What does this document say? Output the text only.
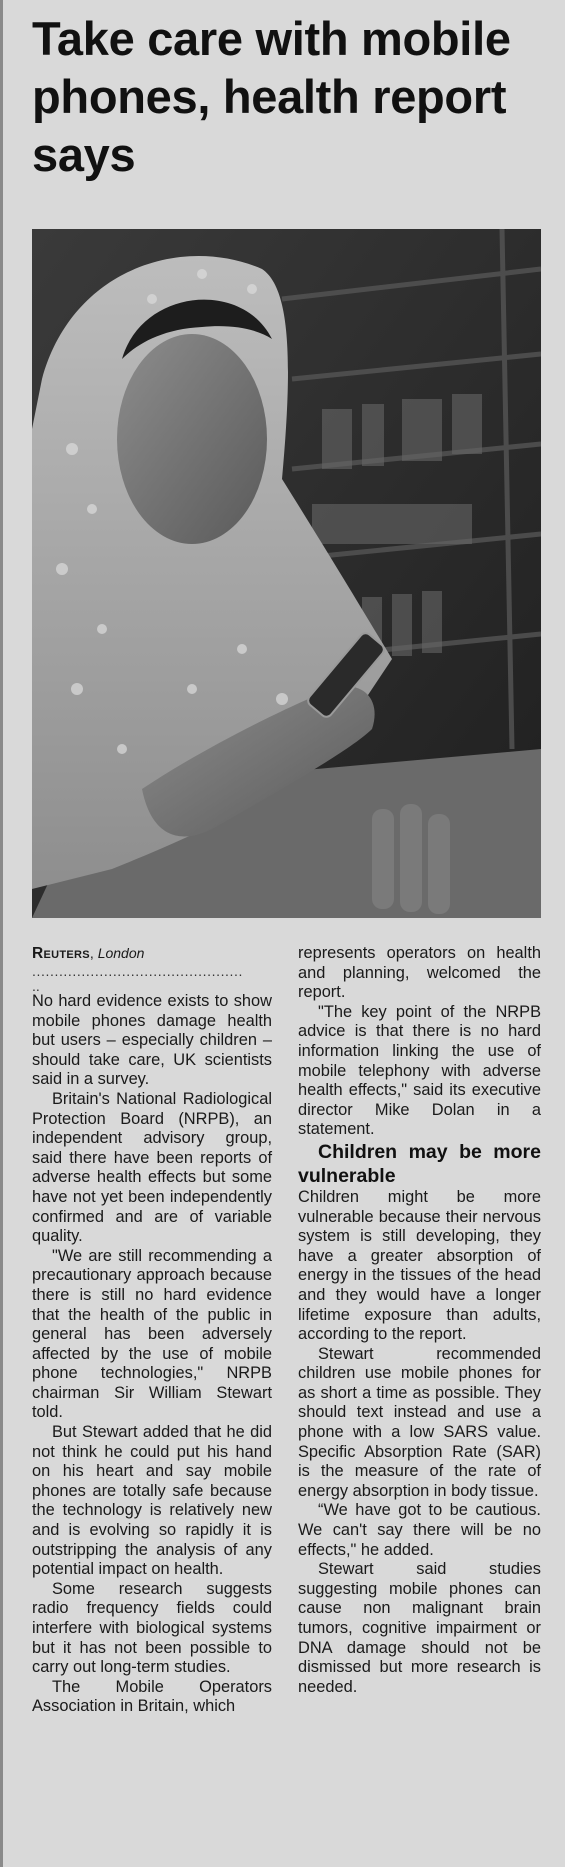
Take care with mobile phones, health report says

Reuters, London

...............................................

..

No hard evidence exists to show mobile phones damage health but users – especially children – should take care, UK scientists said in a survey.

Britain's National Radiological Protection Board (NRPB), an independent advisory group, said there have been reports of adverse health effects but some have not yet been independently confirmed and are of variable quality.

"We are still recommending a precautionary approach because there is still no hard evidence that the health of the public in general has been adversely affected by the use of mobile phone technologies," NRPB chairman Sir William Stewart told.

But Stewart added that he did not think he could put his hand on his heart and say mobile phones are totally safe because the technology is relatively new and is evolving so rapidly it is outstripping the analysis of any potential impact on health.

Some research suggests radio frequency fields could interfere with biological systems but it has not been possible to carry out long-term studies.

The Mobile Operators Association in Britain, which

represents operators on health and planning, welcomed the report.

"The key point of the NRPB advice is that there is no hard information linking the use of mobile telephony with adverse health effects," said its executive director Mike Dolan in a statement.

Children may be more vulnerable

Children might be more vulnerable because their nervous system is still developing, they have a greater absorption of energy in the tissues of the head and they would have a longer lifetime exposure than adults, according to the report.

Stewart recommended children use mobile phones for as short a time as possible. They should text instead and use a phone with a low SARS value. Specific Absorption Rate (SAR) is the measure of the rate of energy absorption in body tissue.

“We have got to be cautious. We can't say there will be no effects," he added.

Stewart said studies suggesting mobile phones can cause non malignant brain tumors, cognitive impairment or DNA damage should not be dismissed but more research is needed.
